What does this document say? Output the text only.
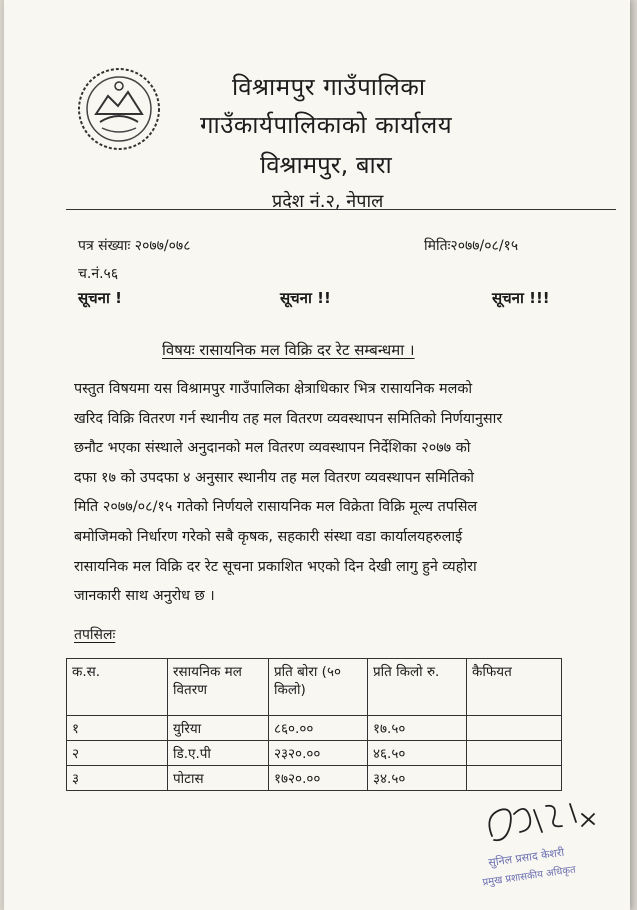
विश्रामपुर गाउँपालिका
गाउँकार्यपालिकाको कार्यालय
विश्रामपुर, बारा
प्रदेश नं.२, नेपाल
पत्र संख्याः २०७७/०७८	मितिः२०७७/०८/१५
च.नं.५६
सूचना !	सूचना !!	सूचना !!!
विषयः रासायनिक मल विक्रि दर रेट सम्बन्धमा ।
पस्तुत विषयमा यस विश्रामपुर गाउँपालिका क्षेत्राधिकार भित्र रासायनिक मलको
खरिद विक्रि वितरण गर्न स्थानीय तह मल वितरण व्यवस्थापन समितिको निर्णयानुसार
छनौट भएका संस्थाले अनुदानको मल वितरण व्यवस्थापन निर्देशिका २०७७ को
दफा १७ को उपदफा ४ अनुसार स्थानीय तह मल वितरण व्यवस्थापन समितिको
मिति २०७७/०८/१५ गतेको निर्णयले रासायनिक मल विक्रेता विक्रि मूल्य तपसिल
बमोजिमको निर्धारण गरेको सबै कृषक, सहकारी संस्था वडा कार्यालयहरुलाई
रासायनिक मल विक्रि दर रेट सूचना प्रकाशित भएको दिन देखी लागु हुने व्यहोरा
जानकारी साथ अनुरोध छ ।
तपसिलः
क.स.	रसायनिक मल वितरण	प्रति बोरा (५० किलो)	प्रति किलो रु.	कैफियत
१	युरिया	८६०.००	१७.५०	
२	डि.ए.पी	२३२०.००	४६.५०	
३	पोटास	१७२०.००	३४.५०	
सुनिल प्रसाद केशरी
प्रमुख प्रशासकीय अधिकृत
